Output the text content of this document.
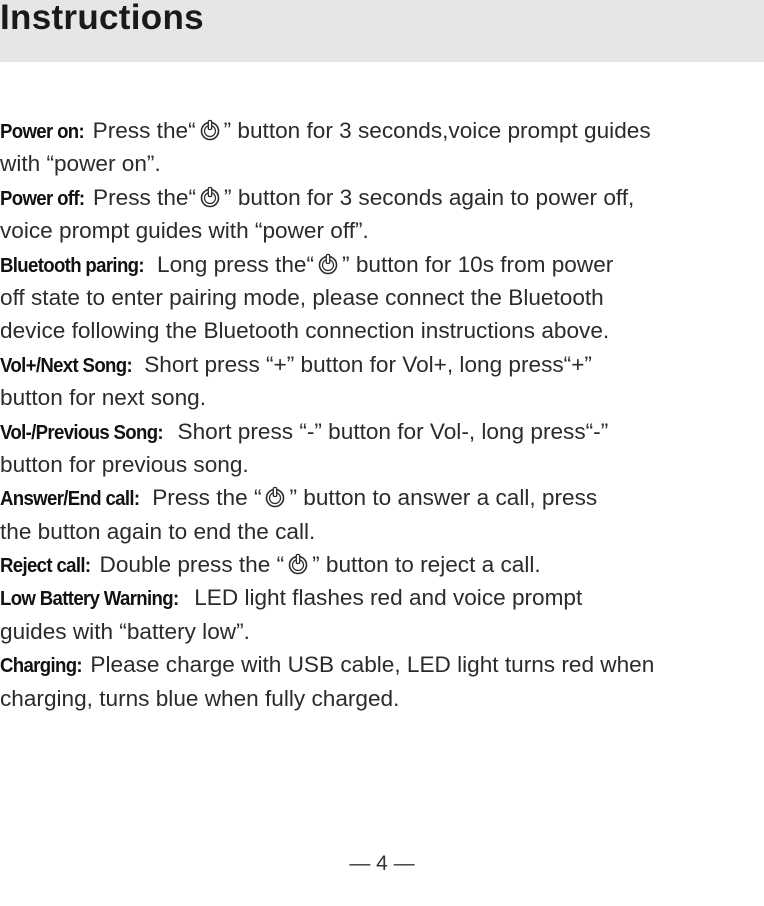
Instructions
Power on: Press the“ ” button for 3 seconds,voice prompt guides
with “power on”.
Power off: Press the“ ” button for 3 seconds again to power off,
voice prompt guides with “power off”.
Bluetooth paring: Long press the“ ” button for 10s from power
off state to enter pairing mode, please connect the Bluetooth
device following the Bluetooth connection instructions above.
Vol+/Next Song: Short press “+” button for Vol+, long press“+”
button for next song.
Vol-/Previous Song: Short press “-” button for Vol-, long press“-”
button for previous song.
Answer/End call: Press the “ ” button to answer a call, press
the button again to end the call.
Reject call: Double press the “ ” button to reject a call.
Low Battery Warning: LED light flashes red and voice prompt
guides with “battery low”.
Charging: Please charge with USB cable, LED light turns red when
charging, turns blue when fully charged.
— 4 —
